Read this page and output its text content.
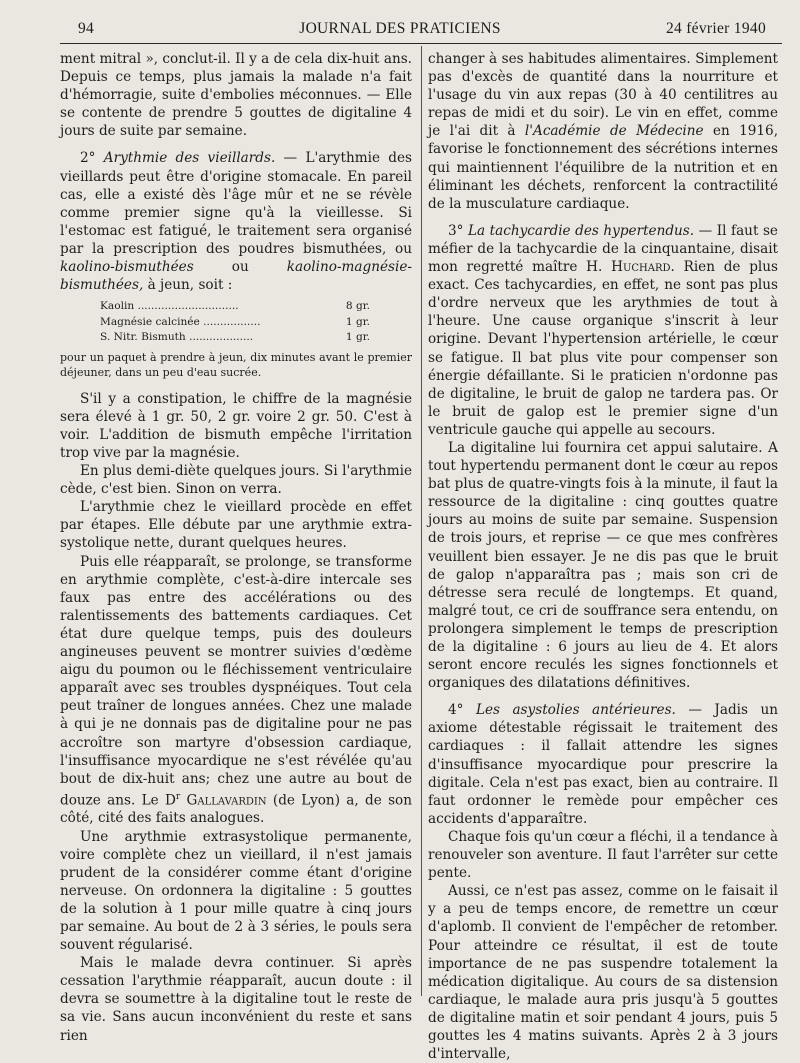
94	JOURNAL DES PRATICIENS	24 février 1940

ment mitral », conclut-il. Il y a de cela dix-huit ans. Depuis ce temps, plus jamais la malade n'a fait d'hémorragie, suite d'embolies méconnues. — Elle se contente de prendre 5 gouttes de digitaline 4 jours de suite par semaine.

2° Arythmie des vieillards. — L'arythmie des vieillards peut être d'origine stomacale. En pareil cas, elle a existé dès l'âge mûr et ne se révèle comme premier signe qu'à la vieillesse. Si l'estomac est fatigué, le traitement sera organisé par la prescription des poudres bismuthées, ou kaolino-bismuthées ou kaolino-magnésie-bismuthées, à jeun, soit :

Kaolin ..............................	8 gr.
Magnésie calcinée .................	1 gr.
S. Nitr. Bismuth ...................	1 gr.

pour un paquet à prendre à jeun, dix minutes avant le premier déjeuner, dans un peu d'eau sucrée.

S'il y a constipation, le chiffre de la magnésie sera élevé à 1 gr. 50, 2 gr. voire 2 gr. 50. C'est à voir. L'addition de bismuth empêche l'irritation trop vive par la magnésie.

En plus demi-diète quelques jours. Si l'arythmie cède, c'est bien. Sinon on verra.

L'arythmie chez le vieillard procède en effet par étapes. Elle débute par une arythmie extra-systolique nette, durant quelques heures.

Puis elle réapparaît, se prolonge, se transforme en arythmie complète, c'est-à-dire intercale ses faux pas entre des accélérations ou des ralentissements des battements cardiaques. Cet état dure quelque temps, puis des douleurs angineuses peuvent se montrer suivies d'œdème aigu du poumon ou le fléchissement ventriculaire apparaît avec ses troubles dyspnéiques. Tout cela peut traîner de longues années. Chez une malade à qui je ne donnais pas de digitaline pour ne pas accroître son martyre d'obsession cardiaque, l'insuffisance myocardique ne s'est révélée qu'au bout de dix-huit ans; chez une autre au bout de douze ans. Le $D^r$ Gallavardin (de Lyon) a, de son côté, cité des faits analogues.

Une arythmie extrasystolique permanente, voire complète chez un vieillard, il n'est jamais prudent de la considérer comme étant d'origine nerveuse. On ordonnera la digitaline : 5 gouttes de la solution à 1 pour mille quatre à cinq jours par semaine. Au bout de 2 à 3 séries, le pouls sera souvent régularisé.

Mais le malade devra continuer. Si après cessation l'arythmie réapparaît, aucun doute : il devra se soumettre à la digitaline tout le reste de sa vie. Sans aucun inconvénient du reste et sans rien

changer à ses habitudes alimentaires. Simplement pas d'excès de quantité dans la nourriture et l'usage du vin aux repas (30 à 40 centilitres au repas de midi et du soir). Le vin en effet, comme je l'ai dit à l'Académie de Médecine en 1916, favorise le fonctionnement des sécrétions internes qui maintiennent l'équilibre de la nutrition et en éliminant les déchets, renforcent la contractilité de la musculature cardiaque.

3° La tachycardie des hypertendus. — Il faut se méfier de la tachycardie de la cinquantaine, disait mon regretté maître H. Huchard. Rien de plus exact. Ces tachycardies, en effet, ne sont pas plus d'ordre nerveux que les arythmies de tout à l'heure. Une cause organique s'inscrit à leur origine. Devant l'hypertension artérielle, le cœur se fatigue. Il bat plus vite pour compenser son énergie défaillante. Si le praticien n'ordonne pas de digitaline, le bruit de galop ne tardera pas. Or le bruit de galop est le premier signe d'un ventricule gauche qui appelle au secours.

La digitaline lui fournira cet appui salutaire. A tout hypertendu permanent dont le cœur au repos bat plus de quatre-vingts fois à la minute, il faut la ressource de la digitaline : cinq gouttes quatre jours au moins de suite par semaine. Suspension de trois jours, et reprise — ce que mes confrères veuillent bien essayer. Je ne dis pas que le bruit de galop n'apparaîtra pas ; mais son cri de détresse sera reculé de longtemps. Et quand, malgré tout, ce cri de souffrance sera entendu, on prolongera simplement le temps de prescription de la digitaline : 6 jours au lieu de 4. Et alors seront encore reculés les signes fonctionnels et organiques des dilatations définitives.

4° Les asystolies antérieures. — Jadis un axiome détestable régissait le traitement des cardiaques : il fallait attendre les signes d'insuffisance myocardique pour prescrire la digitale. Cela n'est pas exact, bien au contraire. Il faut ordonner le remède pour empêcher ces accidents d'apparaître.

Chaque fois qu'un cœur a fléchi, il a tendance à renouveler son aventure. Il faut l'arrêter sur cette pente.

Aussi, ce n'est pas assez, comme on le faisait il y a peu de temps encore, de remettre un cœur d'aplomb. Il convient de l'empêcher de retomber. Pour atteindre ce résultat, il est de toute importance de ne pas suspendre totalement la médication digitalique. Au cours de sa distension cardiaque, le malade aura pris jusqu'à 5 gouttes de digitaline matin et soir pendant 4 jours, puis 5 gouttes les 4 matins suivants. Après 2 à 3 jours d'intervalle,
